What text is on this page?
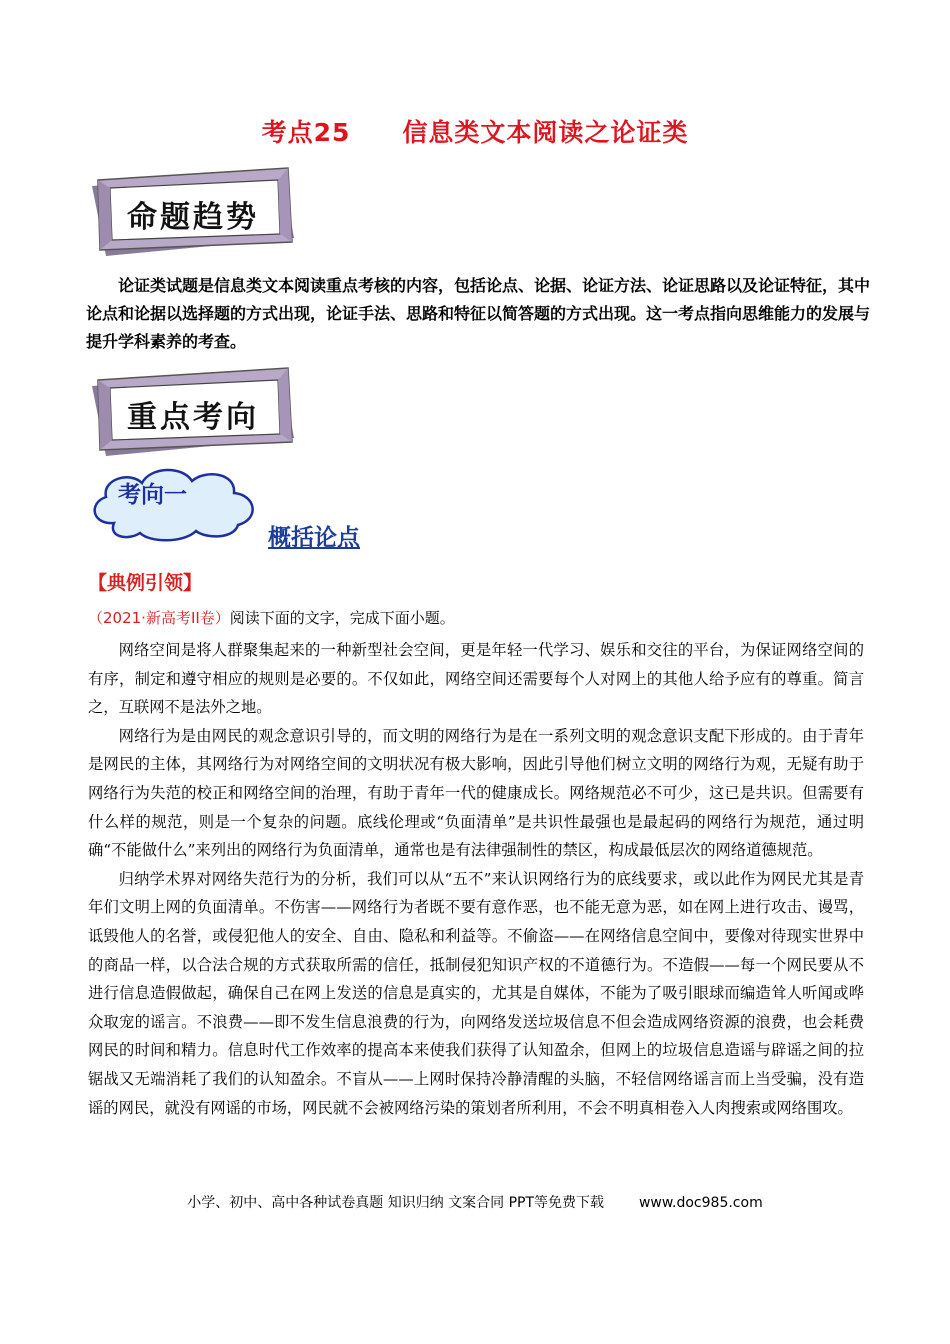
考点25 信息类文本阅读之论证类
命题趋势
论证类试题是信息类文本阅读重点考核的内容，包括论点、论据、论证方法、论证思路以及论证特征，其中论点和论据以选择题的方式出现，论证手法、思路和特征以简答题的方式出现。这一考点指向思维能力的发展与提升学科素养的考查。
重点考向
考向一
概括论点
【典例引领】
（2021·新高考II卷）阅读下面的文字，完成下面小题。

网络空间是将人群聚集起来的一种新型社会空间，更是年轻一代学习、娱乐和交往的平台，为保证网络空间的有序，制定和遵守相应的规则是必要的。不仅如此，网络空间还需要每个人对网上的其他人给予应有的尊重。简言之，互联网不是法外之地。

网络行为是由网民的观念意识引导的，而文明的网络行为是在一系列文明的观念意识支配下形成的。由于青年是网民的主体，其网络行为对网络空间的文明状况有极大影响，因此引导他们树立文明的网络行为观，无疑有助于网络行为失范的校正和网络空间的治理，有助于青年一代的健康成长。网络规范必不可少，这已是共识。但需要有什么样的规范，则是一个复杂的问题。底线伦理或“负面清单”是共识性最强也是最起码的网络行为规范，通过明确“不能做什么”来列出的网络行为负面清单，通常也是有法律强制性的禁区，构成最低层次的网络道德规范。

归纳学术界对网络失范行为的分析，我们可以从“五不”来认识网络行为的底线要求，或以此作为网民尤其是青年们文明上网的负面清单。不伤害——网络行为者既不要有意作恶，也不能无意为恶，如在网上进行攻击、谩骂，诋毁他人的名誉，或侵犯他人的安全、自由、隐私和利益等。不偷盗——在网络信息空间中，要像对待现实世界中的商品一样，以合法合规的方式获取所需的信任，抵制侵犯知识产权的不道德行为。不造假——每一个网民要从不进行信息造假做起，确保自己在网上发送的信息是真实的，尤其是自媒体，不能为了吸引眼球而编造耸人听闻或哗众取宠的谣言。不浪费——即不发生信息浪费的行为，向网络发送垃圾信息不但会造成网络资源的浪费，也会耗费网民的时间和精力。信息时代工作效率的提高本来使我们获得了认知盈余，但网上的垃圾信息造谣与辟谣之间的拉锯战又无端消耗了我们的认知盈余。不盲从——上网时保持冷静清醒的头脑，不轻信网络谣言而上当受骗，没有造谣的网民，就没有网谣的市场，网民就不会被网络污染的策划者所利用，不会不明真相卷入人肉搜索或网络围攻。

小学、初中、高中各种试卷真题 知识归纳 文案合同 PPT等免费下载 www.doc985.com
